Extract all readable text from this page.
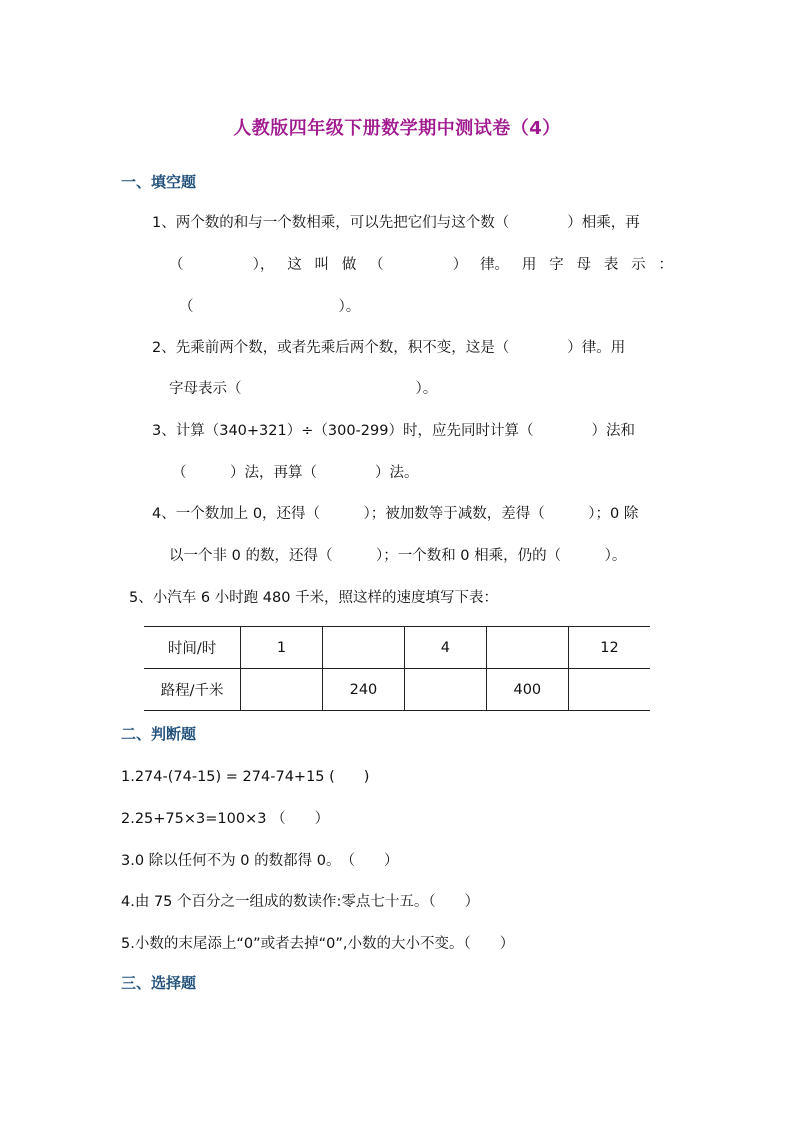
人教版四年级下册数学期中测试卷（4）
一、填空题
1、两个数的和与一个数相乘，可以先把它们与这个数（　　　　）相乘，再
（
　　　	）， 这 叫 做 （
　　　	） 律。 用 字 母 表 示 ：
（　　　　　　　　　　）。
2、先乘前两个数，或者先乘后两个数，积不变，这是（　　　　）律。用
字母表示（　　　　　　　　　　　　）。
3、计算（340+321）÷（300-299）时，应先同时计算（　　　　）法和
（　　　）法，再算（　　　　）法。
4、一个数加上 0，还得（　　　）；被加数等于减数，差得（　　　）；0 除
以一个非 0 的数，还得（　　　）；一个数和 0 相乘，仍的（　　　）。
5、小汽车 6 小时跑 480 千米，照这样的速度填写下表：
时间/时	1		4		12
路程/千米		240		400	
二、判断题
1.274-(74-15) = 274-74+15 (　　)
2.25+75×3=100×3 （　　）
3.0 除以任何不为 0 的数都得 0。　（　　）
4.由 75 个百分之一组成的数读作:零点七十五。（　　）
5.小数的末尾添上“0”或者去掉“0”,小数的大小不变。（　　）
三、选择题
